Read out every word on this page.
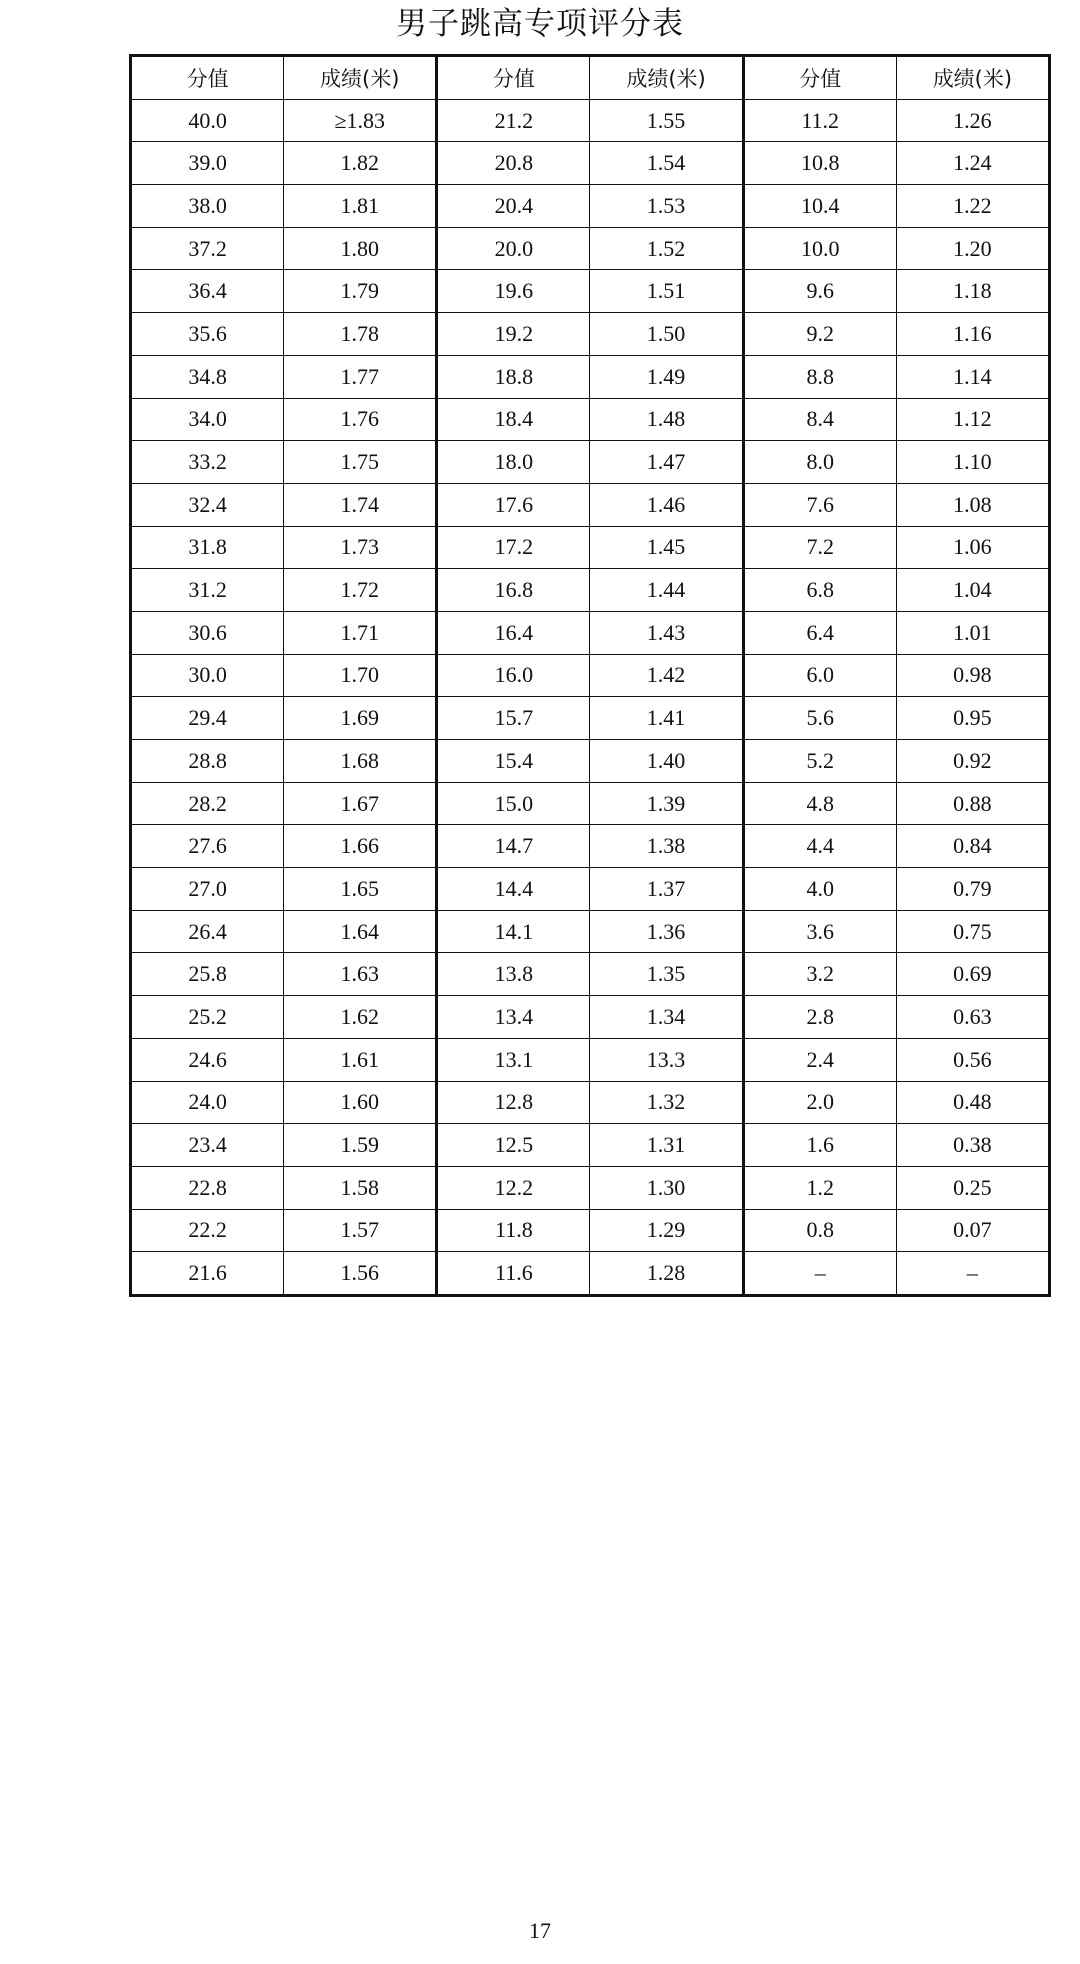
男子跳高专项评分表
分值	成绩(米)	分值	成绩(米)	分值	成绩(米)
40.0	≥1.83	21.2	1.55	11.2	1.26
39.0	1.82	20.8	1.54	10.8	1.24
38.0	1.81	20.4	1.53	10.4	1.22
37.2	1.80	20.0	1.52	10.0	1.20
36.4	1.79	19.6	1.51	9.6	1.18
35.6	1.78	19.2	1.50	9.2	1.16
34.8	1.77	18.8	1.49	8.8	1.14
34.0	1.76	18.4	1.48	8.4	1.12
33.2	1.75	18.0	1.47	8.0	1.10
32.4	1.74	17.6	1.46	7.6	1.08
31.8	1.73	17.2	1.45	7.2	1.06
31.2	1.72	16.8	1.44	6.8	1.04
30.6	1.71	16.4	1.43	6.4	1.01
30.0	1.70	16.0	1.42	6.0	0.98
29.4	1.69	15.7	1.41	5.6	0.95
28.8	1.68	15.4	1.40	5.2	0.92
28.2	1.67	15.0	1.39	4.8	0.88
27.6	1.66	14.7	1.38	4.4	0.84
27.0	1.65	14.4	1.37	4.0	0.79
26.4	1.64	14.1	1.36	3.6	0.75
25.8	1.63	13.8	1.35	3.2	0.69
25.2	1.62	13.4	1.34	2.8	0.63
24.6	1.61	13.1	13.3	2.4	0.56
24.0	1.60	12.8	1.32	2.0	0.48
23.4	1.59	12.5	1.31	1.6	0.38
22.8	1.58	12.2	1.30	1.2	0.25
22.2	1.57	11.8	1.29	0.8	0.07
21.6	1.56	11.6	1.28	–	–
17
